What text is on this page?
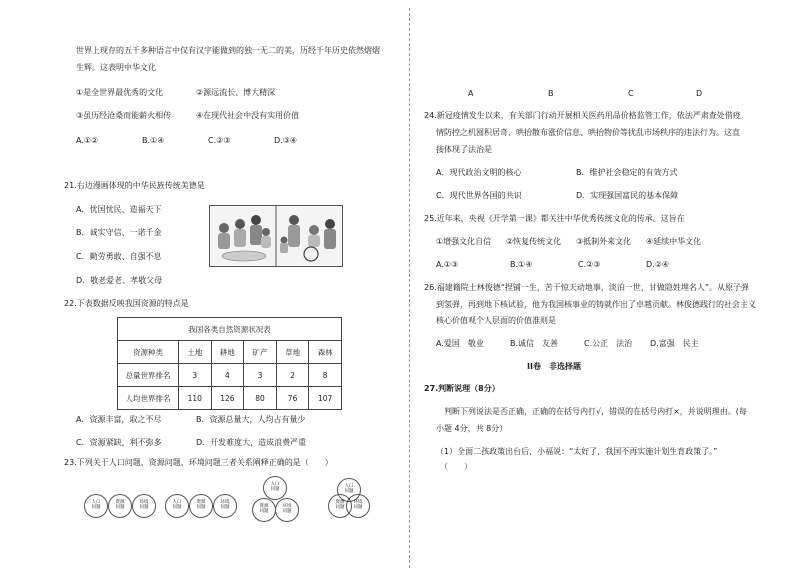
世界上现存的五千多种语言中仅有汉字能做到的独一无二的美，历经千年历史依然熠熠
生辉。这表明中华文化
①是全世界最优秀的文化	②源远流长、博大精深
③虽历经沧桑而能薪火相传	④在现代社会中没有实用价值
A.①②	B.①④	C.②③	D.③④
21.右边漫画体现的中华民族传统美德是
A．忧国忧民、造福天下
B．诚实守信、一诺千金
C．勤劳勇敢、自强不息
D．敬老爱老、孝敬父母
22.下表数据反映我国资源的特点是
我国各类自然资源状况表					
资源种类	土地	耕地	矿产	草地	森林
总量世界排名	3	4	3	2	8
人均世界排名	110	126	80	76	107
A．资源丰富，取之不尽	B．资源总量大，人均占有量少
C．资源紧缺，利不弥多	D．开发难度大，造成浪费严重
23.下列关于人口问题、资源问题、环境问题三者关系阐释正确的是（　　）
人口问题
资源问题
环境问题
人口问题
资源问题
环境问题
人口问题
资源问题
环境问题
人口问题
资源问题
环境问题
A	B	C	D
24.新冠疫情发生以来，有关部门行动开展相关医药用品价格监管工作，依法严肃查处借疫
情防控之机囤积居奇、哄抬散布涨价信息、哄抬物价等扰乱市场秩序的违法行为。这直
接体现了法治是
A．现代政治文明的核心	B．维护社会稳定的有效方式
C．现代世界各国的共识	D．实现强国富民的基本保障
25.近年来，央视《开学第一课》都关注中华优秀传统文化的传承。这旨在
①增强文化自信 ②恢复传统文化 ③抵制外来文化 ④延续中华文化
A.①③	B.①④	C.②③	D.②④
26.福建籍院士林俊德“捏铺一生，苦干惊天动地事，淡泊一世，甘做隐姓埋名人”。从原子弹
到氢弹，再到地下核试验，他为我国核事业的铸就作出了卓越贡献。林俊德践行的社会主义
核心价值观个人层面的价值准则是
A.爱国　敬业	B.诚信　友善	C.公正　法治 D.富强　民主
II卷　非选择题
27.判断说理（8分）
判断下列说法是否正确，正确的在括号内打√，错误的在括号内打×，并说明理由。(每
小题 4分，共 8分）
（1）全面二孩政策出台后，小福说：“太好了，我国不再实施计划生育政策了。”
（　　）
